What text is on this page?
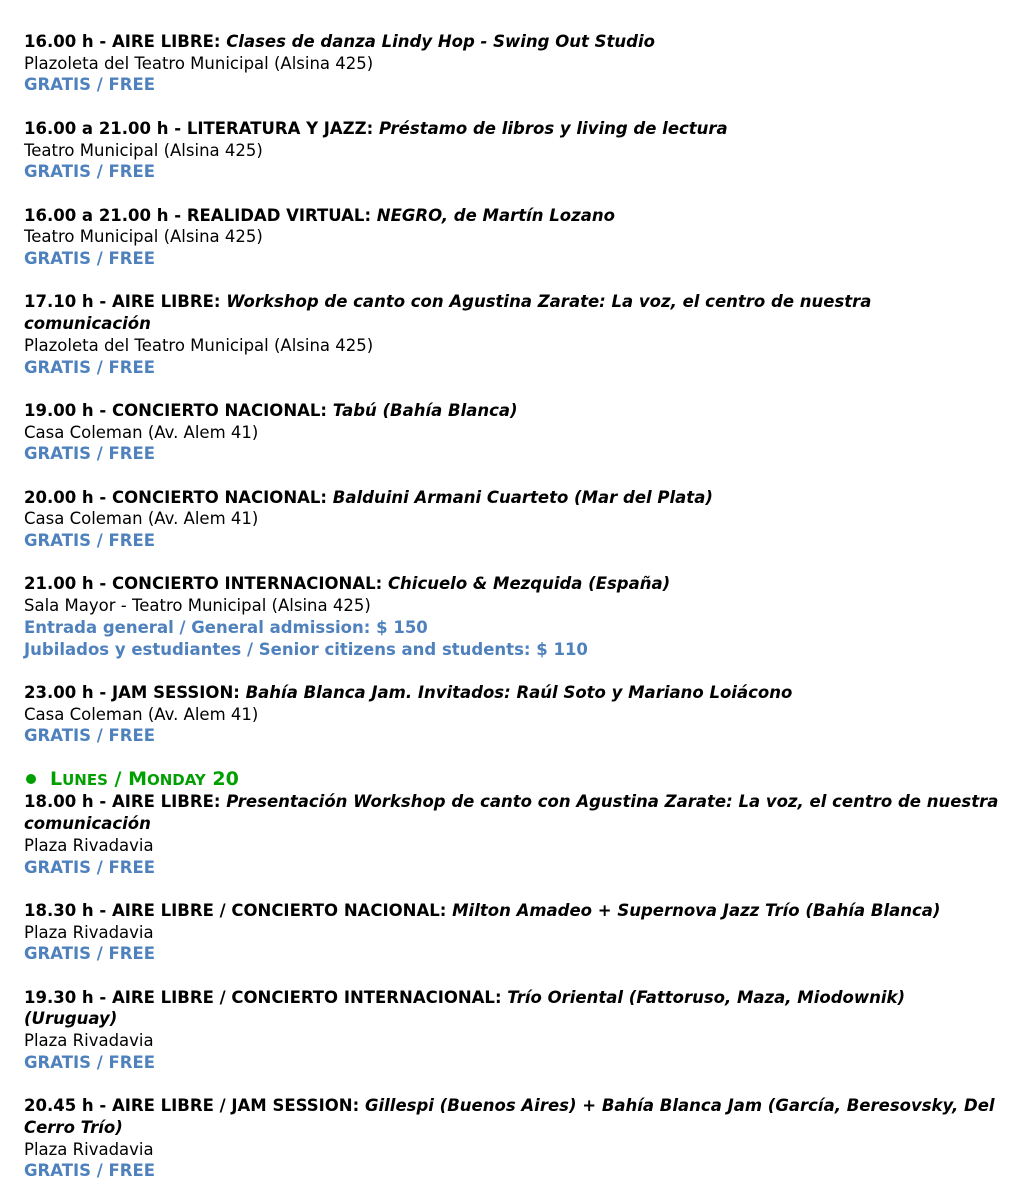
16.00 h - AIRE LIBRE: Clases de danza Lindy Hop - Swing Out Studio
Plazoleta del Teatro Municipal (Alsina 425)
GRATIS / FREE
16.00 a 21.00 h - LITERATURA Y JAZZ: Préstamo de libros y living de lectura
Teatro Municipal (Alsina 425)
GRATIS / FREE
16.00 a 21.00 h - REALIDAD VIRTUAL: NEGRO, de Martín Lozano
Teatro Municipal (Alsina 425)
GRATIS / FREE
17.10 h - AIRE LIBRE: Workshop de canto con Agustina Zarate: La voz, el centro de nuestra comunicación
Plazoleta del Teatro Municipal (Alsina 425)
GRATIS / FREE
19.00 h - CONCIERTO NACIONAL: Tabú (Bahía Blanca)
Casa Coleman (Av. Alem 41)
GRATIS / FREE
20.00 h - CONCIERTO NACIONAL: Balduini Armani Cuarteto (Mar del Plata)
Casa Coleman (Av. Alem 41)
GRATIS / FREE
21.00 h - CONCIERTO INTERNACIONAL: Chicuelo & Mezquida (España)
Sala Mayor - Teatro Municipal (Alsina 425)
Entrada general / General admission: $ 150
Jubilados y estudiantes / Senior citizens and students: $ 110
23.00 h - JAM SESSION: Bahía Blanca Jam. Invitados: Raúl Soto y Mariano Loiácono
Casa Coleman (Av. Alem 41)
GRATIS / FREE
LUNES / MONDAY 20
18.00 h - AIRE LIBRE: Presentación Workshop de canto con Agustina Zarate: La voz, el centro de nuestra comunicación
Plaza Rivadavia
GRATIS / FREE
18.30 h - AIRE LIBRE / CONCIERTO NACIONAL: Milton Amadeo + Supernova Jazz Trío (Bahía Blanca)
Plaza Rivadavia
GRATIS / FREE
19.30 h - AIRE LIBRE / CONCIERTO INTERNACIONAL: Trío Oriental (Fattoruso, Maza, Miodownik) (Uruguay)
Plaza Rivadavia
GRATIS / FREE
20.45 h - AIRE LIBRE / JAM SESSION: Gillespi (Buenos Aires) + Bahía Blanca Jam (García, Beresovsky, Del Cerro Trío)
Plaza Rivadavia
GRATIS / FREE
